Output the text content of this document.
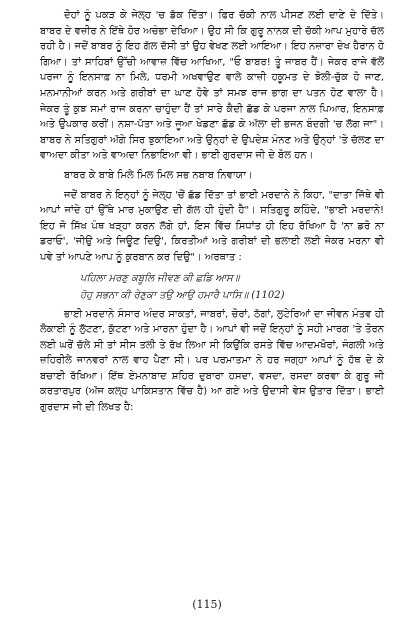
ਦੋਹਾਂ ਨੂੰ ਪਕੜ ਕੇ ਜੇਲ੍ਹ 'ਚ ਡੱਕ ਦਿੱਤਾ। ਫਿਰ ਚੱਕੀ ਨਾਲ ਪੀਸਣ ਲਈ ਦਾਣੇ ਦੇ ਦਿੱਤੇ। ਬਾਬਰ ਦੇ ਵਜ਼ੀਰ ਨੇ ਇੱਥੇ ਹੋਰ ਅਚੰਭਾ ਦੇਖਿਆ। ਉਹ ਸੀ ਕਿ ਗੁਰੂ ਨਾਨਕ ਦੀ ਚੱਕੀ ਆਪ ਮੁਹਾਰੇ ਚੱਲ ਰਹੀ ਹੈ। ਜਦੋਂ ਬਾਬਰ ਨੂੰ ਇਹ ਗੱਲ ਦੱਸੀ ਤਾਂ ਉਹ ਵੇਖਣ ਲਈ ਆਇਆ। ਇਹ ਨਜ਼ਾਰਾ ਦੇਖ ਹੈਰਾਨ ਹੋ ਗਿਆ। ਤਾਂ ਸਾਹਿਬਾਂ ਉੱਚੀ ਆਵਾਜ਼ ਵਿੱਚ ਆਖਿਆ, "ਓ ਬਾਬਰ! ਤੂੰ ਜਾਬਰ ਹੈਂ। ਜੇਕਰ ਰਾਜੇ ਵੱਲੋਂ ਪਰਜਾ ਨੂੰ ਇਨਸਾਫ਼ ਨਾ ਮਿਲੇ, ਧਰਮੀ ਅਖਵਾਉਣ ਵਾਲੇ ਕਾਜ਼ੀ ਹਕੂਮਤ ਦੇ ਝੋਲੀ-ਚੁੱਕ ਹੋ ਜਾਣ, ਮਨਮਾਨੀਆਂ ਕਰਨ ਅਤੇ ਗਰੀਬਾਂ ਦਾ ਘਾਣ ਹੋਵੇ ਤਾਂ ਸਮਝ ਰਾਜ ਭਾਗ ਦਾ ਪਤਨ ਹੋਣ ਵਾਲਾ ਹੈ। ਜੇਕਰ ਤੂੰ ਕੁਝ ਸਮਾਂ ਰਾਜ ਕਰਨਾ ਚਾਹੁੰਦਾ ਹੈਂ ਤਾਂ ਸਾਰੇ ਕੈਦੀ ਛੱਡ ਕੇ ਪਰਜਾ ਨਾਲ ਪਿਆਰ, ਇਨਸਾਫ਼ ਅਤੇ ਉਪਕਾਰ ਕਰੀਂ। ਨਸ਼ਾ-ਪੱਤਾ ਅਤੇ ਜੂਆ ਖੇਡਣਾ ਛੱਡ ਕੇ ਅੱਲਾ ਦੀ ਭਜਨ ਬੰਦਗੀ 'ਚ ਲੱਗ ਜਾ"। ਬਾਬਰ ਨੇ ਸਤਿਗੁਰਾਂ ਅੱਗੇ ਸਿਰ ਝੁਕਾਇਆ ਅਤੇ ਉਨ੍ਹਾਂ ਦੇ ਉਪਦੇਸ਼ ਮੰਨਣ ਅਤੇ ਉਨ੍ਹਾਂ 'ਤੇ ਚੱਲਣ ਦਾ ਵਾਅਦਾ ਕੀਤਾ ਅਤੇ ਵਾਅਦਾ ਨਿਭਾਇਆ ਵੀ। ਭਾਈ ਗੁਰਦਾਸ ਜੀ ਦੇ ਬੋਲ ਹਨ।

ਬਾਬਰ ਕੇ ਬਾਬੇ ਮਿਲੇ ਮਿਲ ਮਿਲ ਸਭ ਨਬਾਬ ਨਿਵਾਯਾ।

ਜਦੋਂ ਬਾਬਰ ਨੇ ਇਨ੍ਹਾਂ ਨੂੰ ਜੇਲ੍ਹ 'ਚੋਂ ਛੱਡ ਦਿੱਤਾ ਤਾਂ ਭਾਈ ਮਰਦਾਨੇ ਨੇ ਕਿਹਾ, "ਦਾਤਾ ਜਿੱਥੇ ਵੀ ਆਪਾਂ ਜਾਂਦੇ ਹਾਂ ਉੱਥੇ ਮਾਰ ਮੁਕਾਉਣ ਦੀ ਗੱਲ ਹੀ ਹੁੰਦੀ ਹੈ"। ਸਤਿਗੁਰੂ ਕਹਿੰਦੇ, "ਭਾਈ ਮਰਦਾਨੇ! ਇਹ ਜੋ ਸਿੱਖ ਪੰਥ ਖੜ੍ਹਾ ਕਰਨ ਲੱਗੇ ਹਾਂ, ਇਸ ਵਿੱਚ ਸਿਧਾਂਤ ਹੀ ਇਹ ਰੱਖਿਆ ਹੈ 'ਨਾ ਡਰੋ ਨਾ ਡਰਾਓ', 'ਜੀਉ ਅਤੇ ਜਿਊਣ ਦਿਉ', ਕਿਰਤੀਆਂ ਅਤੇ ਗਰੀਬਾਂ ਦੀ ਭਲਾਈ ਲਈ ਜੇਕਰ ਮਰਨਾ ਵੀ ਪਵੇ ਤਾਂ ਆਪਣੇ ਆਪ ਨੂੰ ਕੁਰਬਾਨ ਕਰ ਦਿਉ"। ਅਰਥਾਤ :

ਪਹਿਲਾ ਮਰਣੁ ਕਬੂਲਿ ਜੀਵਣ ਕੀ ਛਡਿ ਆਸ॥
ਹੋਹੁ ਸਭਨਾ ਕੀ ਰੇਣੁਕਾ ਤਉ ਆਉ ਹਮਾਰੈ ਪਾਸਿ॥ (1102)

ਭਾਈ ਮਰਦਾਨੇ ਸੰਸਾਰ ਅੰਦਰ ਸਾਕਤਾਂ, ਜਾਬਰਾਂ, ਚੋਰਾਂ, ਠੱਗਾਂ, ਲੁਟੇਰਿਆਂ ਦਾ ਜੀਵਨ ਮੰਤਵ ਹੀ ਲੋਕਾਈ ਨੂੰ ਲੁੱਟਣਾ, ਕੁੱਟਣਾ ਅਤੇ ਮਾਰਨਾ ਹੁੰਦਾ ਹੈ। ਆਪਾਂ ਵੀ ਜਦੋਂ ਇਨ੍ਹਾਂ ਨੂੰ ਸਹੀ ਮਾਰਗ 'ਤੇ ਤੋਰਨ ਲਈ ਘਰੋਂ ਚੱਲੇ ਸੀ ਤਾਂ ਸੀਸ ਤਲੀ ਤੇ ਰੱਖ ਲਿਆ ਸੀ ਕਿਉਂਕਿ ਰਸਤੇ ਵਿੱਚ ਆਦਮਖੋਰਾਂ, ਜੰਗਲੀ ਅਤੇ ਜ਼ਹਿਰੀਲੇ ਜਾਨਵਰਾਂ ਨਾਲ ਵਾਹ ਪੈਣਾ ਸੀ। ਪਰ ਪਰਮਾਤਮਾ ਨੇ ਹਰ ਜਗ੍ਹਾ ਆਪਾਂ ਨੂੰ ਹੱਥ ਦੇ ਕੇ ਬਚਾਈ ਰੱਖਿਆ। ਇੱਥ ਏਮਨਾਬਾਦ ਸ਼ਹਿਰ ਦੁਬਾਰਾ ਹਸਦਾ, ਵਸਦਾ, ਰਸਦਾ ਕਰਵਾ ਕੇ ਗੁਰੂ ਜੀ ਕਰਤਾਰਪੁਰ (ਅੱਜ ਕਲ੍ਹ ਪਾਕਿਸਤਾਨ ਵਿੱਚ ਹੈ) ਆ ਗਏ ਅਤੇ ਉਦਾਸੀ ਵੇਸ ਉਤਾਰ ਦਿੱਤਾ। ਭਾਈ ਗੁਰਦਾਸ ਜੀ ਦੀ ਲਿਖਤ ਹੈ:

(115)
